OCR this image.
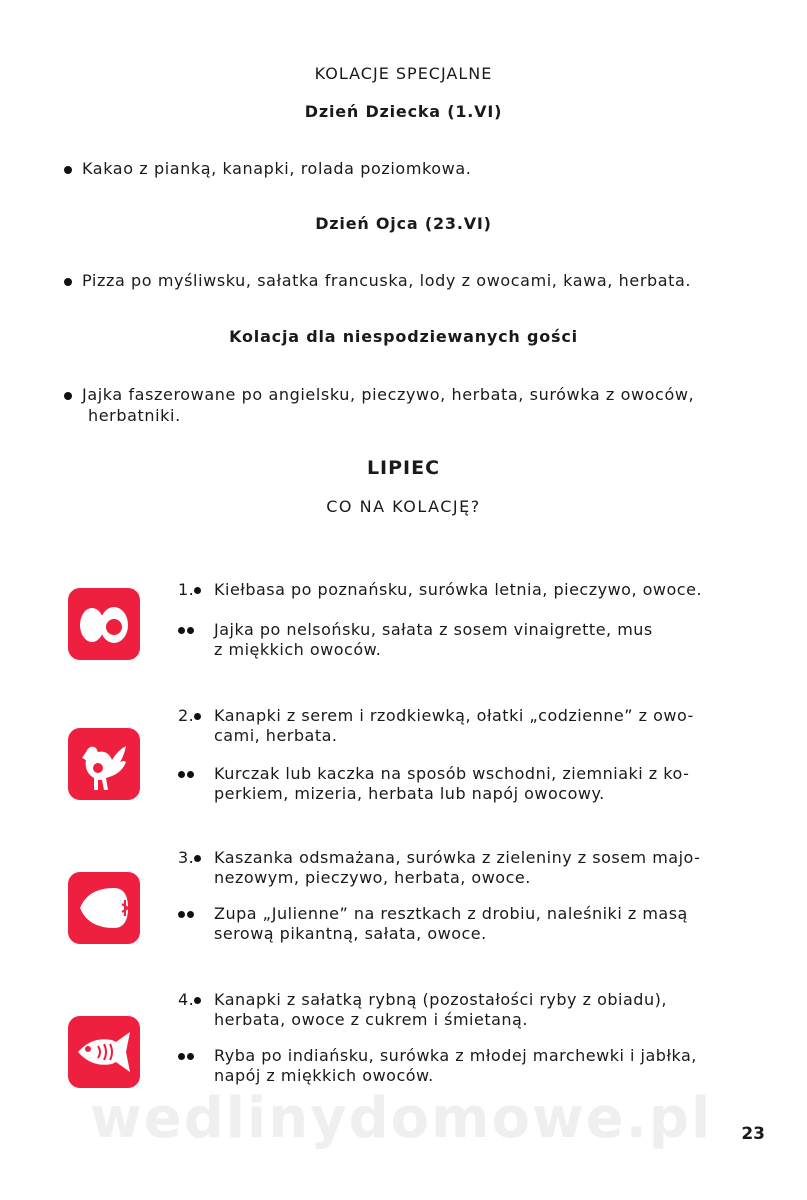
KOLACJE SPECJALNE
Dzień Dziecka (1.VI)
Kakao z pianką, kanapki, rolada poziomkowa.
Dzień Ojca (23.VI)
Pizza po myśliwsku, sałatka francuska, lody z owocami, kawa, herbata.
Kolacja dla niespodziewanych gości
Jajka faszerowane po angielsku, pieczywo, herbata, surówka z owoców,
herbatniki.
LIPIEC
CO NA KOLACJĘ?
1. Kiełbasa po poznańsku, surówka letnia, pieczywo, owoce.
Jajka po nelsońsku, sałata z sosem vinaigrette, mus
z miękkich owoców.
2. Kanapki z serem i rzodkiewką, ołatki „codzienne” z owo-
cami, herbata.
Kurczak lub kaczka na sposób wschodni, ziemniaki z ko-
perkiem, mizeria, herbata lub napój owocowy.
3. Kaszanka odsmażana, surówka z zieleniny z sosem majo-
nezowym, pieczywo, herbata, owoce.
Zupa „Julienne” na resztkach z drobiu, naleśniki z masą
serową pikantną, sałata, owoce.
4. Kanapki z sałatką rybną (pozostałości ryby z obiadu),
herbata, owoce z cukrem i śmietaną.
Ryba po indiańsku, surówka z młodej marchewki i jabłka,
napój z miękkich owoców.
wedlinydomowe.pl 23
